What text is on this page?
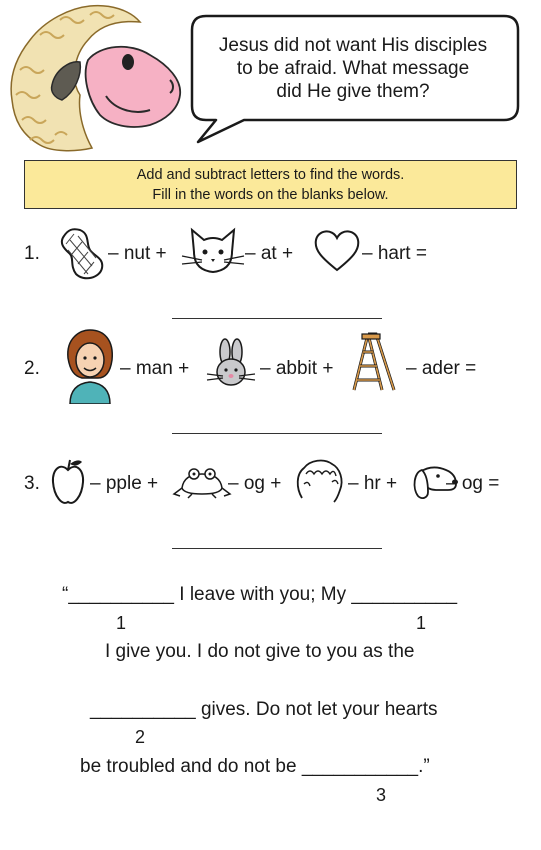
Jesus did not want His disciples
to be afraid. What message
did He give them?
Add and subtract letters to find the words.
Fill in the words on the blanks below.
1.	– nut +	– at +	– hart =
2.	– man +	– abbit +	– ader =
3.	– pple +	– og +	– hr +	– og =
“__________ I leave with you; My __________
1	1
I give you. I do not give to you as the
__________ gives. Do not let your hearts
2
be troubled and do not be ___________.”
3
